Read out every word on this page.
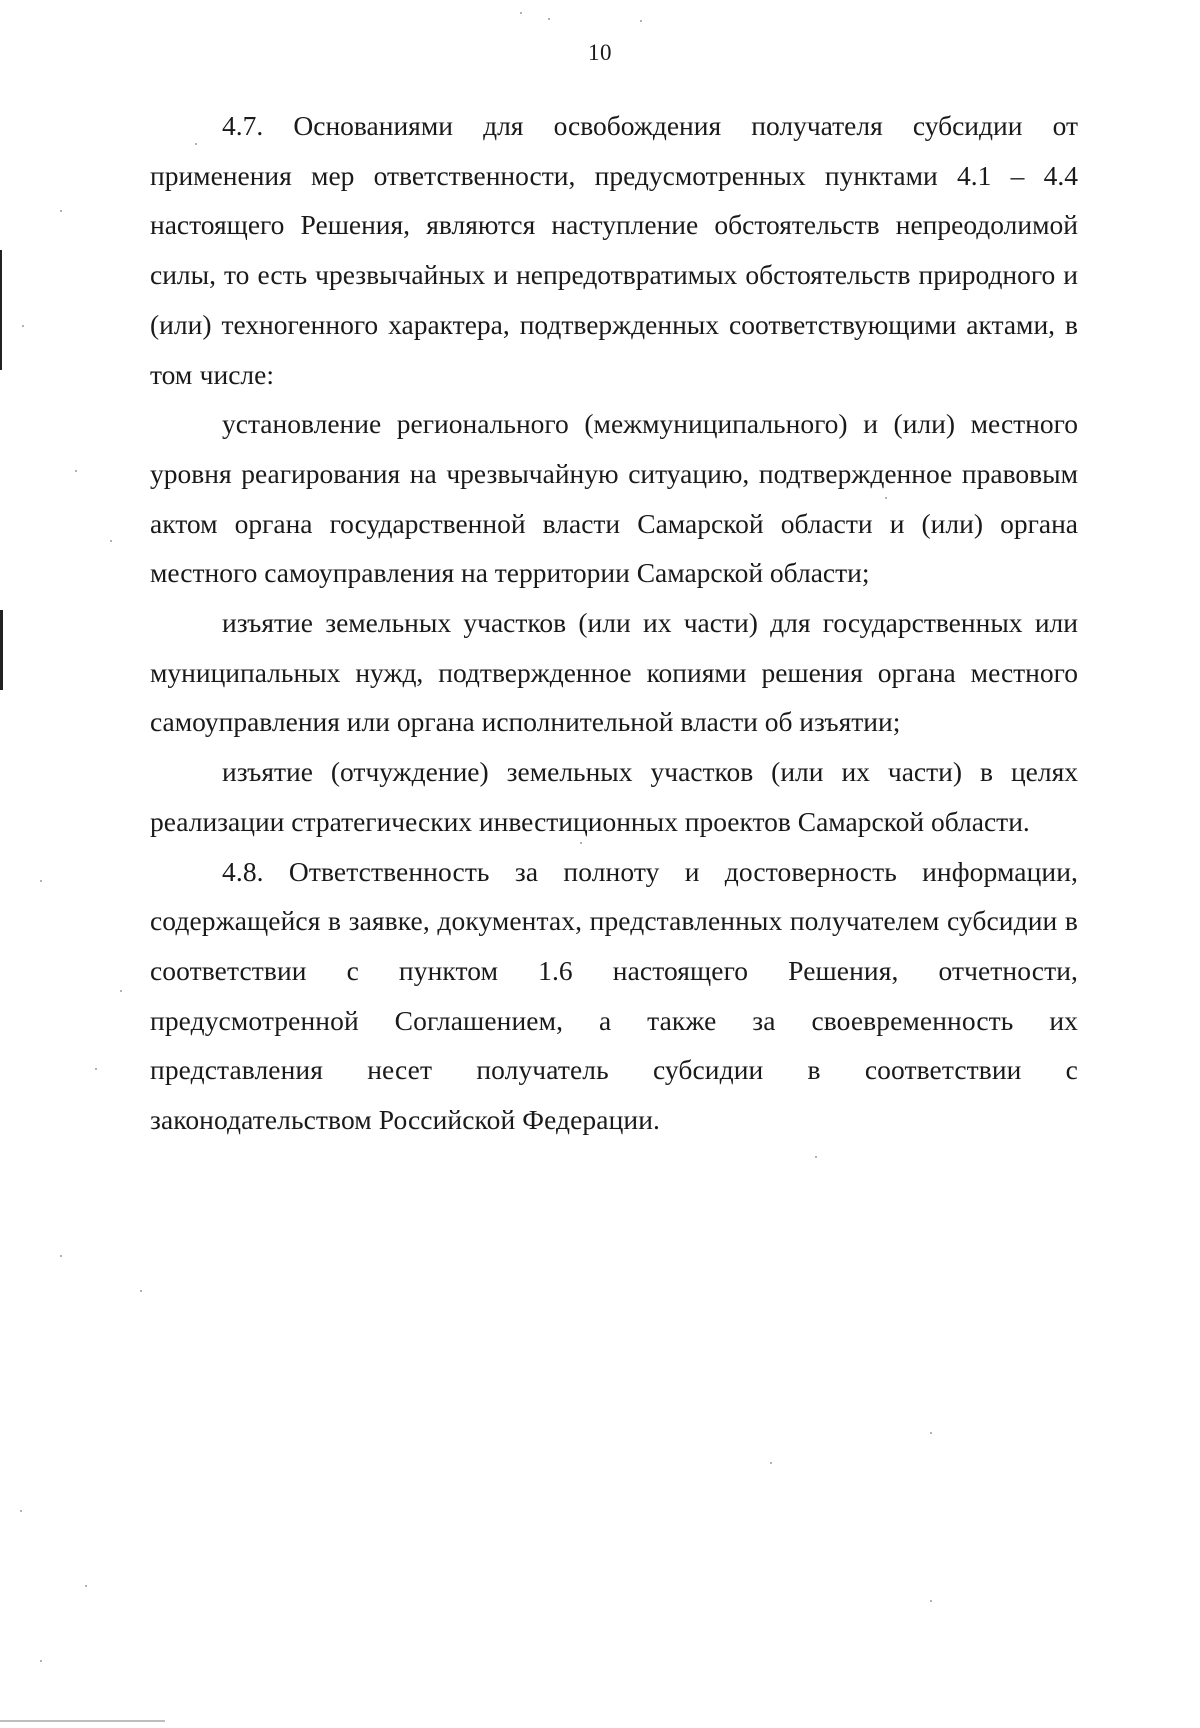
10

4.7. Основаниями для освобождения получателя субсидии от применения мер ответственности, предусмотренных пунктами 4.1 – 4.4 настоящего Решения, являются наступление обстоятельств непреодолимой силы, то есть чрезвычайных и непредотвратимых обстоятельств природного и (или) техногенного характера, подтвержденных соответствующими актами, в том числе:

установление регионального (межмуниципального) и (или) местного уровня реагирования на чрезвычайную ситуацию, подтвержденное правовым актом органа государственной власти Самарской области и (или) органа местного самоуправления на территории Самарской области;

изъятие земельных участков (или их части) для государственных или муниципальных нужд, подтвержденное копиями решения органа местного самоуправления или органа исполнительной власти об изъятии;

изъятие (отчуждение) земельных участков (или их части) в целях реализации стратегических инвестиционных проектов Самарской области.

4.8. Ответственность за полноту и достоверность информации, содержащейся в заявке, документах, представленных получателем субсидии в соответствии с пунктом 1.6 настоящего Решения, отчетности, предусмотренной Соглашением, а также за своевременность их представления несет получатель субсидии в соответствии с законодательством Российской Федерации.
